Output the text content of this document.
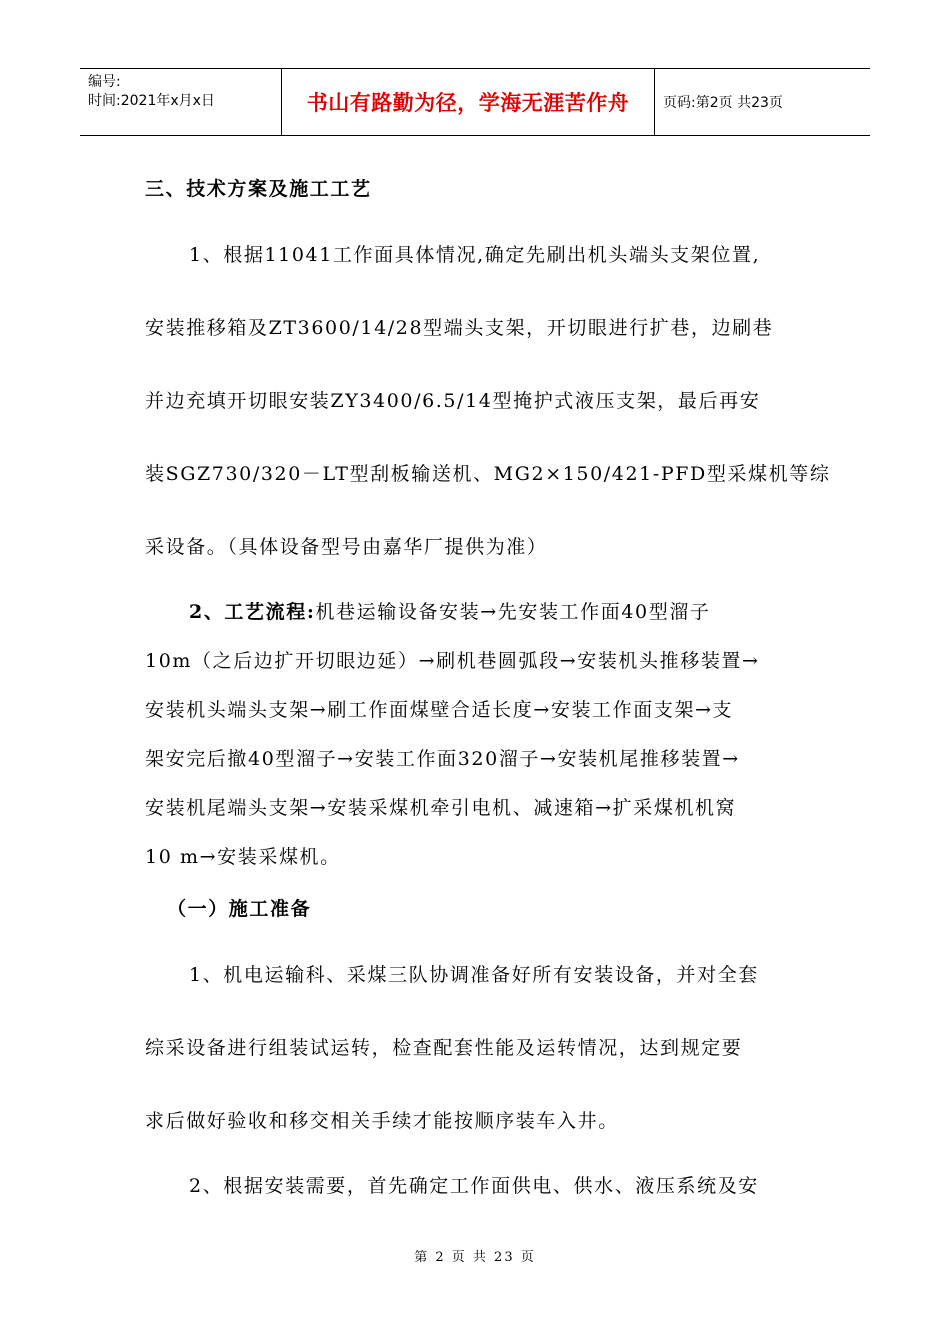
编号:
时间:2021年x月x日	书山有路勤为径，学海无涯苦作舟	页码:第2页 共23页
三、技术方案及施工工艺
1、根据11041工作面具体情况,确定先刷出机头端头支架位置,
安装推移箱及ZT3600/14/28型端头支架，开切眼进行扩巷，边刷巷
并边充填开切眼安装ZY3400/6.5/14型掩护式液压支架，最后再安
装SGZ730/320－LT型刮板输送机、MG2×150/421-PFD型采煤机等综
采设备。（具体设备型号由嘉华厂提供为准）
2、工艺流程:机巷运输设备安装→先安装工作面40型溜子
10m（之后边扩开切眼边延）→刷机巷圆弧段→安装机头推移装置→
安装机头端头支架→刷工作面煤壁合适长度→安装工作面支架→支
架安完后撤40型溜子→安装工作面320溜子→安装机尾推移装置→
安装机尾端头支架→安装采煤机牵引电机、减速箱→扩采煤机机窝
10 m→安装采煤机。
（一）施工准备
1、机电运输科、采煤三队协调准备好所有安装设备，并对全套
综采设备进行组装试运转，检查配套性能及运转情况，达到规定要
求后做好验收和移交相关手续才能按顺序装车入井。
2、根据安装需要，首先确定工作面供电、供水、液压系统及安
第 2 页 共 23 页
